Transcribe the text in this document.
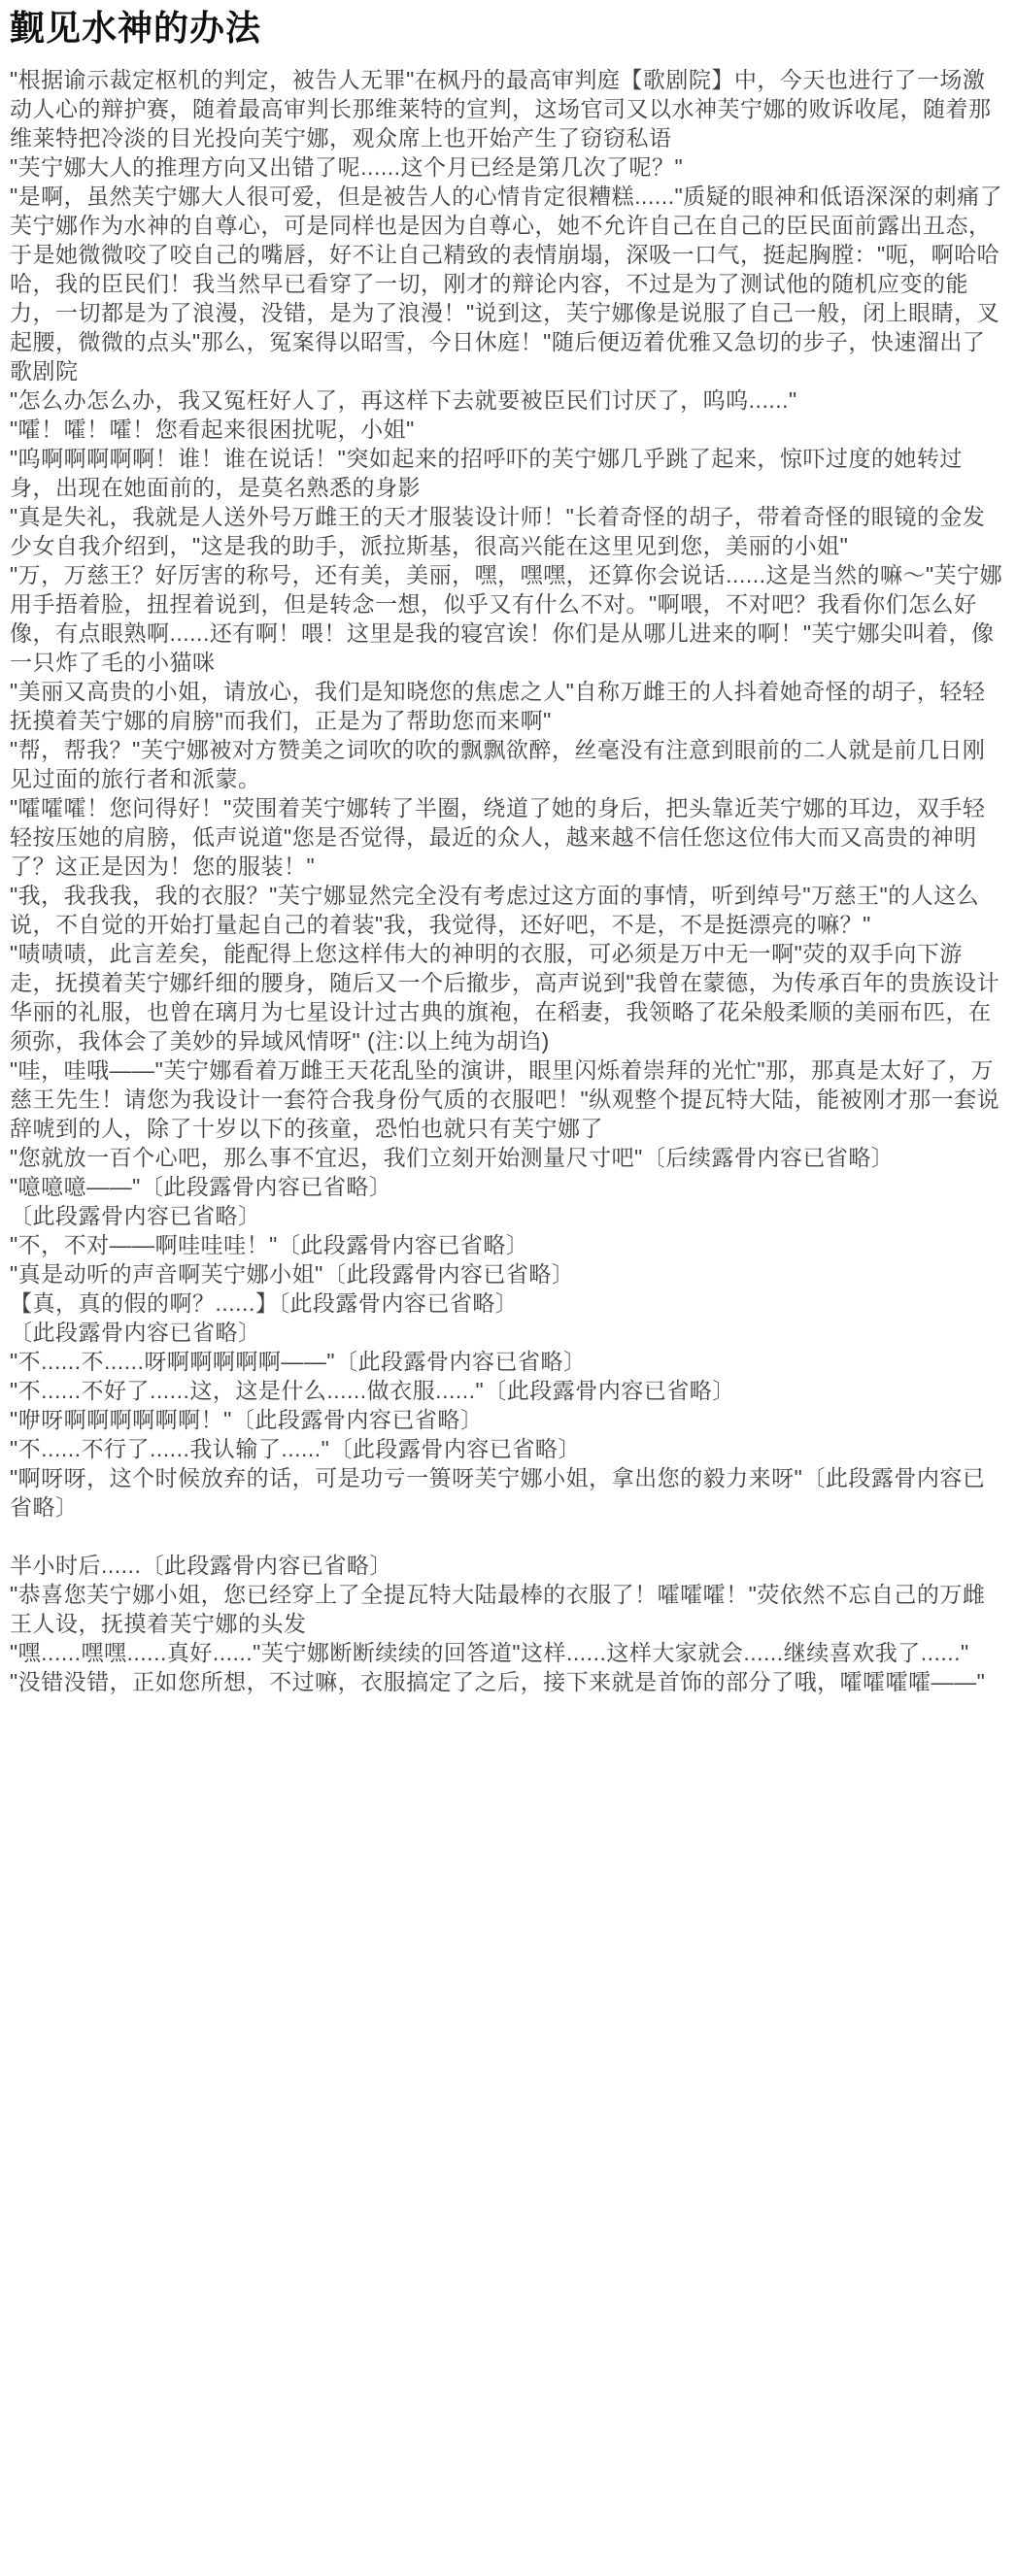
觐见水神的办法

"根据谕示裁定枢机的判定，被告人无罪"在枫丹的最高审判庭【歌剧院】中，今天也进行了一场激动人心的辩护赛，随着最高审判长那维莱特的宣判，这场官司又以水神芙宁娜的败诉收尾，随着那维莱特把冷淡的目光投向芙宁娜，观众席上也开始产生了窃窃私语

"芙宁娜大人的推理方向又出错了呢......这个月已经是第几次了呢？"

"是啊，虽然芙宁娜大人很可爱，但是被告人的心情肯定很糟糕......"质疑的眼神和低语深深的刺痛了芙宁娜作为水神的自尊心，可是同样也是因为自尊心，她不允许自己在自己的臣民面前露出丑态，于是她微微咬了咬自己的嘴唇，好不让自己精致的表情崩塌，深吸一口气，挺起胸膛："呃，啊哈哈哈，我的臣民们！我当然早已看穿了一切，刚才的辩论内容，不过是为了测试他的随机应变的能力，一切都是为了浪漫，没错，是为了浪漫！"说到这，芙宁娜像是说服了自己一般，闭上眼睛，叉起腰，微微的点头"那么，冤案得以昭雪，今日休庭！"随后便迈着优雅又急切的步子，快速溜出了歌剧院

"怎么办怎么办，我又冤枉好人了，再这样下去就要被臣民们讨厌了，呜呜......"

"嚯！嚯！嚯！您看起来很困扰呢，小姐"

"呜啊啊啊啊啊！谁！谁在说话！"突如起来的招呼吓的芙宁娜几乎跳了起来，惊吓过度的她转过身，出现在她面前的，是莫名熟悉的身影

"真是失礼，我就是人送外号万雌王的天才服装设计师！"长着奇怪的胡子，带着奇怪的眼镜的金发少女自我介绍到，"这是我的助手，派拉斯基，很高兴能在这里见到您，美丽的小姐"

"万，万慈王？好厉害的称号，还有美，美丽，嘿，嘿嘿，还算你会说话......这是当然的嘛～"芙宁娜用手捂着脸，扭捏着说到，但是转念一想，似乎又有什么不对。"啊喂，不对吧？我看你们怎么好像，有点眼熟啊......还有啊！喂！这里是我的寝宫诶！你们是从哪儿进来的啊！"芙宁娜尖叫着，像一只炸了毛的小猫咪

"美丽又高贵的小姐，请放心，我们是知晓您的焦虑之人"自称万雌王的人抖着她奇怪的胡子，轻轻抚摸着芙宁娜的肩膀"而我们，正是为了帮助您而来啊"

"帮，帮我？"芙宁娜被对方赞美之词吹的吹的飘飘欲醉，丝毫没有注意到眼前的二人就是前几日刚见过面的旅行者和派蒙。

"嚯嚯嚯！您问得好！"荧围着芙宁娜转了半圈，绕道了她的身后，把头靠近芙宁娜的耳边，双手轻轻按压她的肩膀，低声说道"您是否觉得，最近的众人，越来越不信任您这位伟大而又高贵的神明了？这正是因为！您的服装！"

"我，我我我，我的衣服？"芙宁娜显然完全没有考虑过这方面的事情，听到绰号"万慈王"的人这么说，不自觉的开始打量起自己的着装"我，我觉得，还好吧，不是，不是挺漂亮的嘛？"

"啧啧啧，此言差矣，能配得上您这样伟大的神明的衣服，可必须是万中无一啊"荧的双手向下游走，抚摸着芙宁娜纤细的腰身，随后又一个后撤步，高声说到"我曾在蒙德，为传承百年的贵族设计华丽的礼服，也曾在璃月为七星设计过古典的旗袍，在稻妻，我领略了花朵般柔顺的美丽布匹，在须弥，我体会了美妙的异域风情呀" (注:以上纯为胡诌)

"哇，哇哦——"芙宁娜看着万雌王天花乱坠的演讲，眼里闪烁着崇拜的光忙"那，那真是太好了，万慈王先生！请您为我设计一套符合我身份气质的衣服吧！"纵观整个提瓦特大陆，能被刚才那一套说辞唬到的人，除了十岁以下的孩童，恐怕也就只有芙宁娜了

"您就放一百个心吧，那么事不宜迟，我们立刻开始测量尺寸吧"〔后续露骨内容已省略〕

"噫噫噫——"〔此段露骨内容已省略〕

〔此段露骨内容已省略〕

"不，不对——啊哇哇哇！"〔此段露骨内容已省略〕

"真是动听的声音啊芙宁娜小姐"〔此段露骨内容已省略〕

【真，真的假的啊？......】〔此段露骨内容已省略〕

〔此段露骨内容已省略〕

"不......不......呀啊啊啊啊啊——"〔此段露骨内容已省略〕

"不......不好了......这，这是什么......做衣服......"〔此段露骨内容已省略〕

"咿呀啊啊啊啊啊啊！"〔此段露骨内容已省略〕

"不......不行了......我认输了......"〔此段露骨内容已省略〕

"啊呀呀，这个时候放弃的话，可是功亏一篑呀芙宁娜小姐，拿出您的毅力来呀"〔此段露骨内容已省略〕

半小时后......〔此段露骨内容已省略〕

"恭喜您芙宁娜小姐，您已经穿上了全提瓦特大陆最棒的衣服了！嚯嚯嚯！"荧依然不忘自己的万雌王人设，抚摸着芙宁娜的头发

"嘿......嘿嘿......真好......"芙宁娜断断续续的回答道"这样......这样大家就会......继续喜欢我了......"

"没错没错，正如您所想，不过嘛，衣服搞定了之后，接下来就是首饰的部分了哦，嚯嚯嚯嚯——"
